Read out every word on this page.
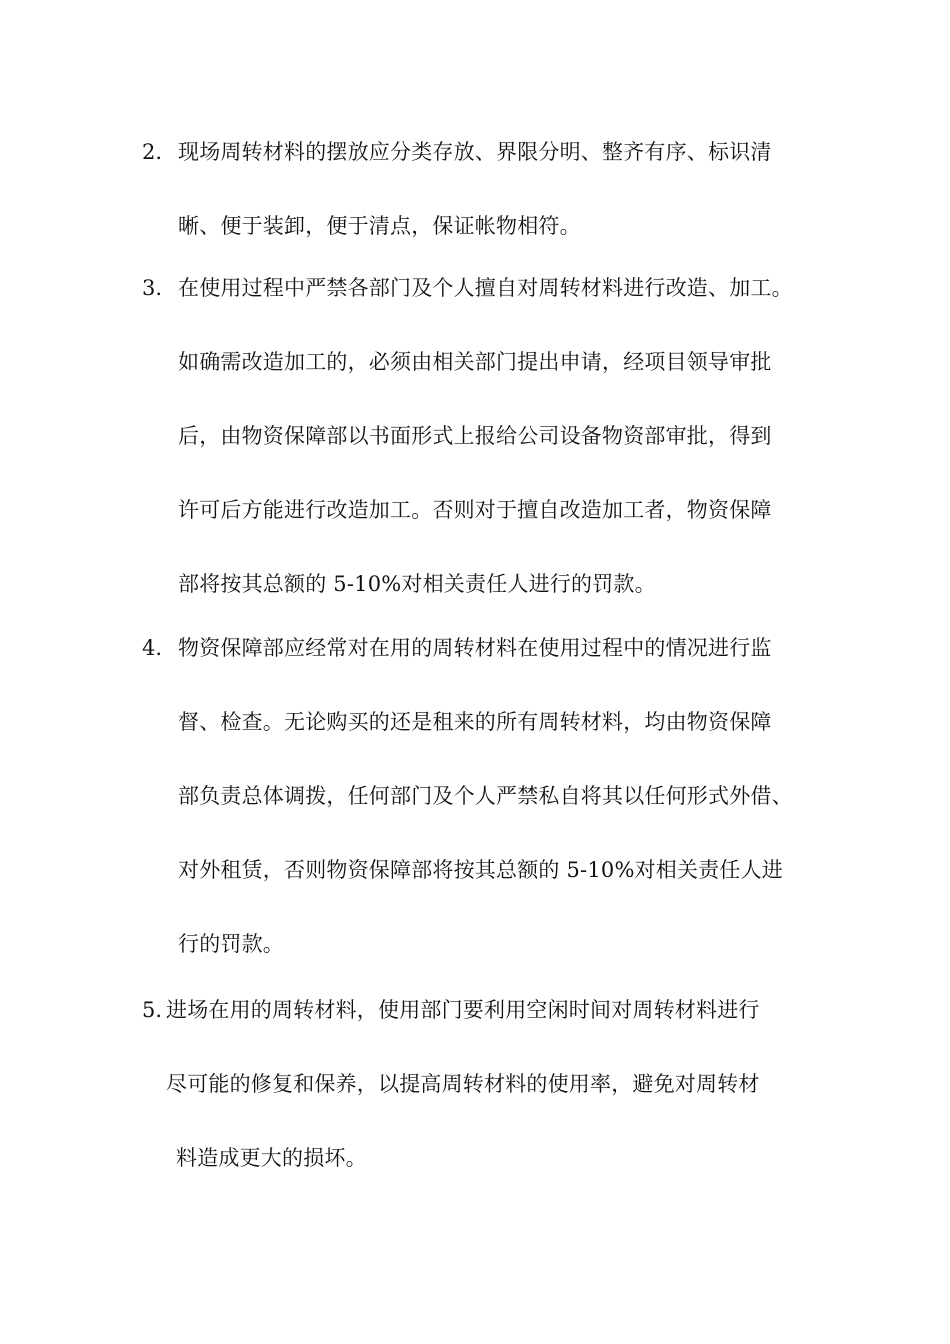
2. 现场周转材料的摆放应分类存放、界限分明、整齐有序、标识清
晰、便于装卸，便于清点，保证帐物相符。
3. 在使用过程中严禁各部门及个人擅自对周转材料进行改造、加工。
如确需改造加工的，必须由相关部门提出申请，经项目领导审批
后，由物资保障部以书面形式上报给公司设备物资部审批，得到
许可后方能进行改造加工。否则对于擅自改造加工者，物资保障
部将按其总额的 5-10%对相关责任人进行的罚款。
4. 物资保障部应经常对在用的周转材料在使用过程中的情况进行监
督、检查。无论购买的还是租来的所有周转材料，均由物资保障
部负责总体调拨，任何部门及个人严禁私自将其以任何形式外借、
对外租赁，否则物资保障部将按其总额的 5-10%对相关责任人进
行的罚款。
5. 进场在用的周转材料，使用部门要利用空闲时间对周转材料进行
尽可能的修复和保养，以提高周转材料的使用率，避免对周转材
料造成更大的损坏。
